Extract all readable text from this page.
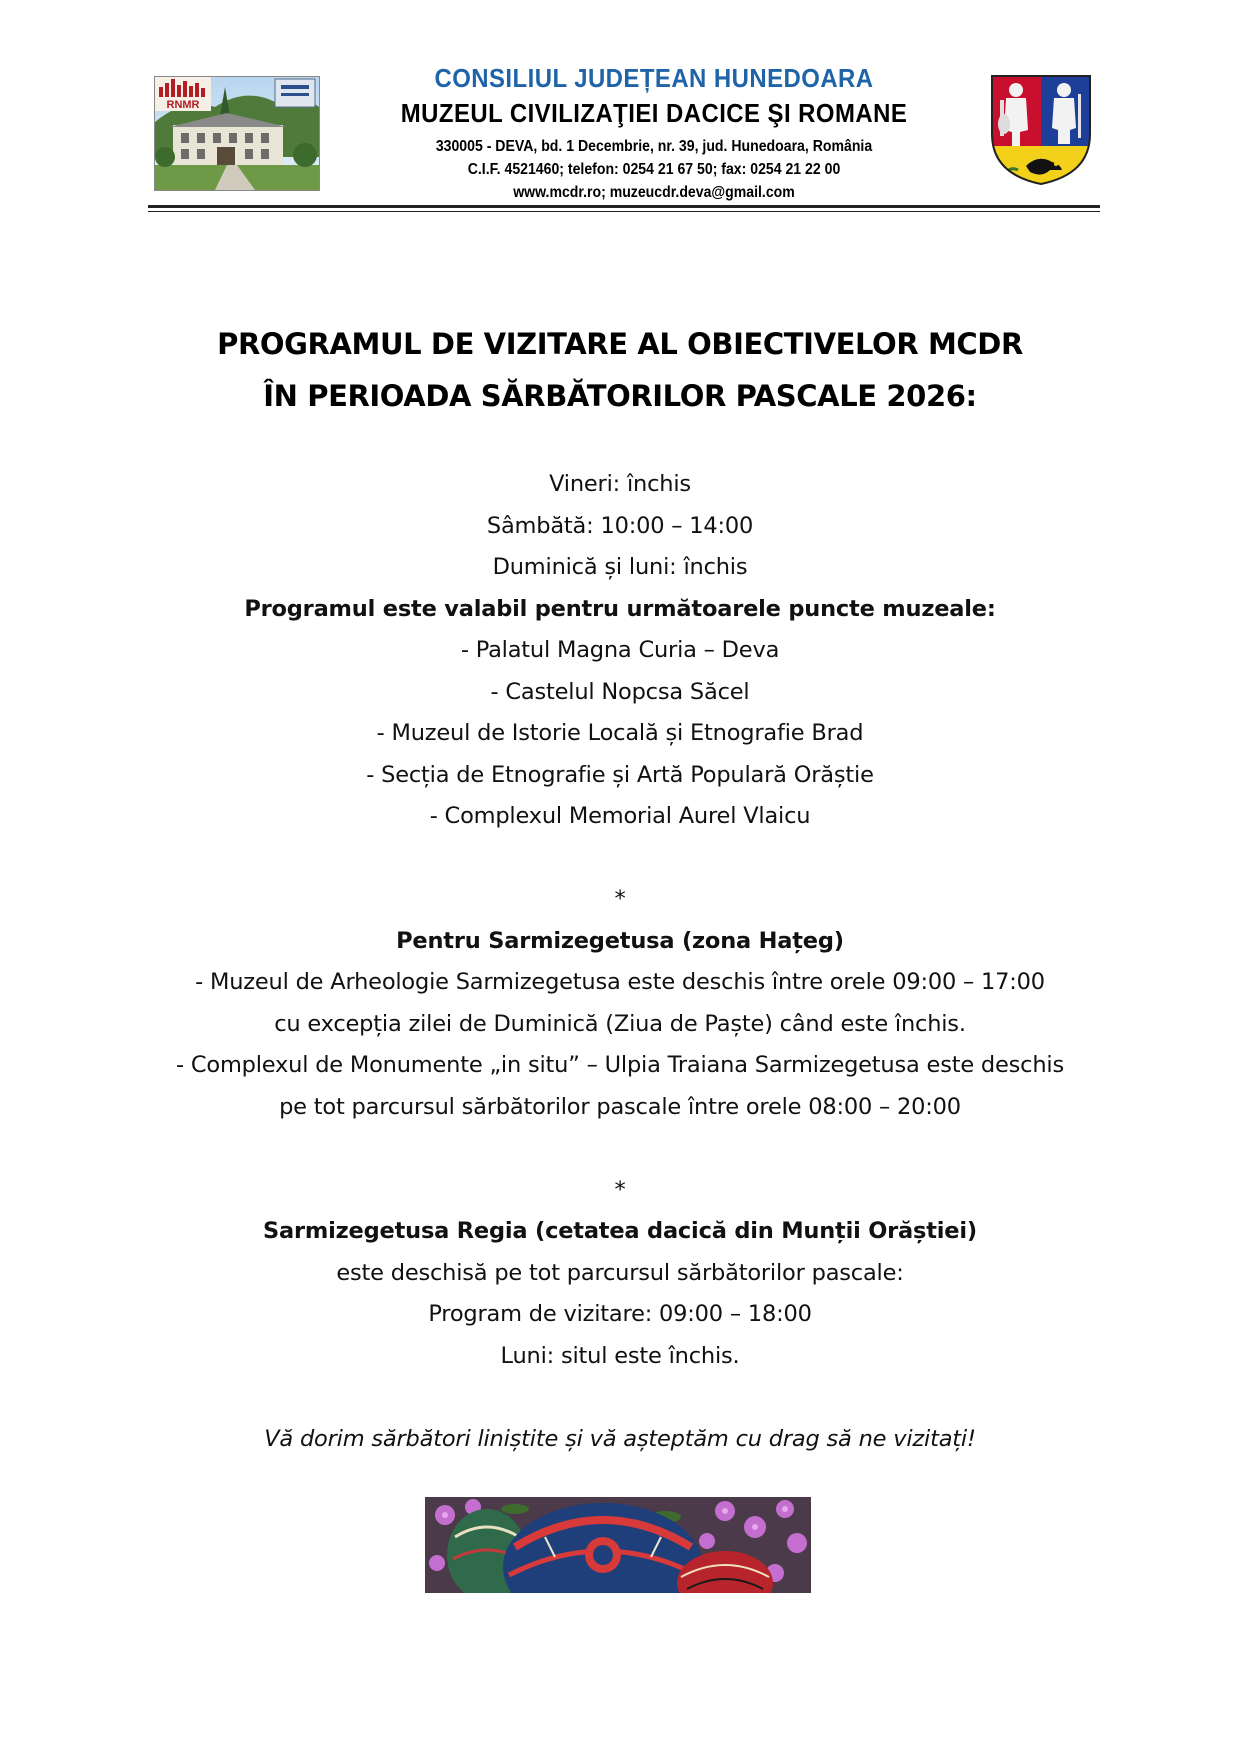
RNMR
CONSILIUL JUDEȚEAN HUNEDOARA
MUZEUL CIVILIZAŢIEI DACICE ŞI ROMANE
330005 - DEVA, bd. 1 Decembrie, nr. 39, jud. Hunedoara, România
C.I.F. 4521460; telefon: 0254 21 67 50; fax: 0254 21 22 00
www.mcdr.ro; muzeucdr.deva@gmail.com
PROGRAMUL DE VIZITARE AL OBIECTIVELOR MCDR
ÎN PERIOADA SĂRBĂTORILOR PASCALE 2026:
Vineri: închis
Sâmbătă: 10:00 – 14:00
Duminică și luni: închis
Programul este valabil pentru următoarele puncte muzeale:
- Palatul Magna Curia – Deva
- Castelul Nopcsa Săcel
- Muzeul de Istorie Locală și Etnografie Brad
- Secția de Etnografie și Artă Populară Orăștie
- Complexul Memorial Aurel Vlaicu
*
Pentru Sarmizegetusa (zona Hațeg)
- Muzeul de Arheologie Sarmizegetusa este deschis între orele 09:00 – 17:00
cu excepția zilei de Duminică (Ziua de Paște) când este închis.
- Complexul de Monumente „in situ” – Ulpia Traiana Sarmizegetusa este deschis
pe tot parcursul sărbătorilor pascale între orele 08:00 – 20:00
*
Sarmizegetusa Regia (cetatea dacică din Munții Orăștiei)
este deschisă pe tot parcursul sărbătorilor pascale:
Program de vizitare: 09:00 – 18:00
Luni: situl este închis.
Vă dorim sărbători liniștite și vă așteptăm cu drag să ne vizitați!
